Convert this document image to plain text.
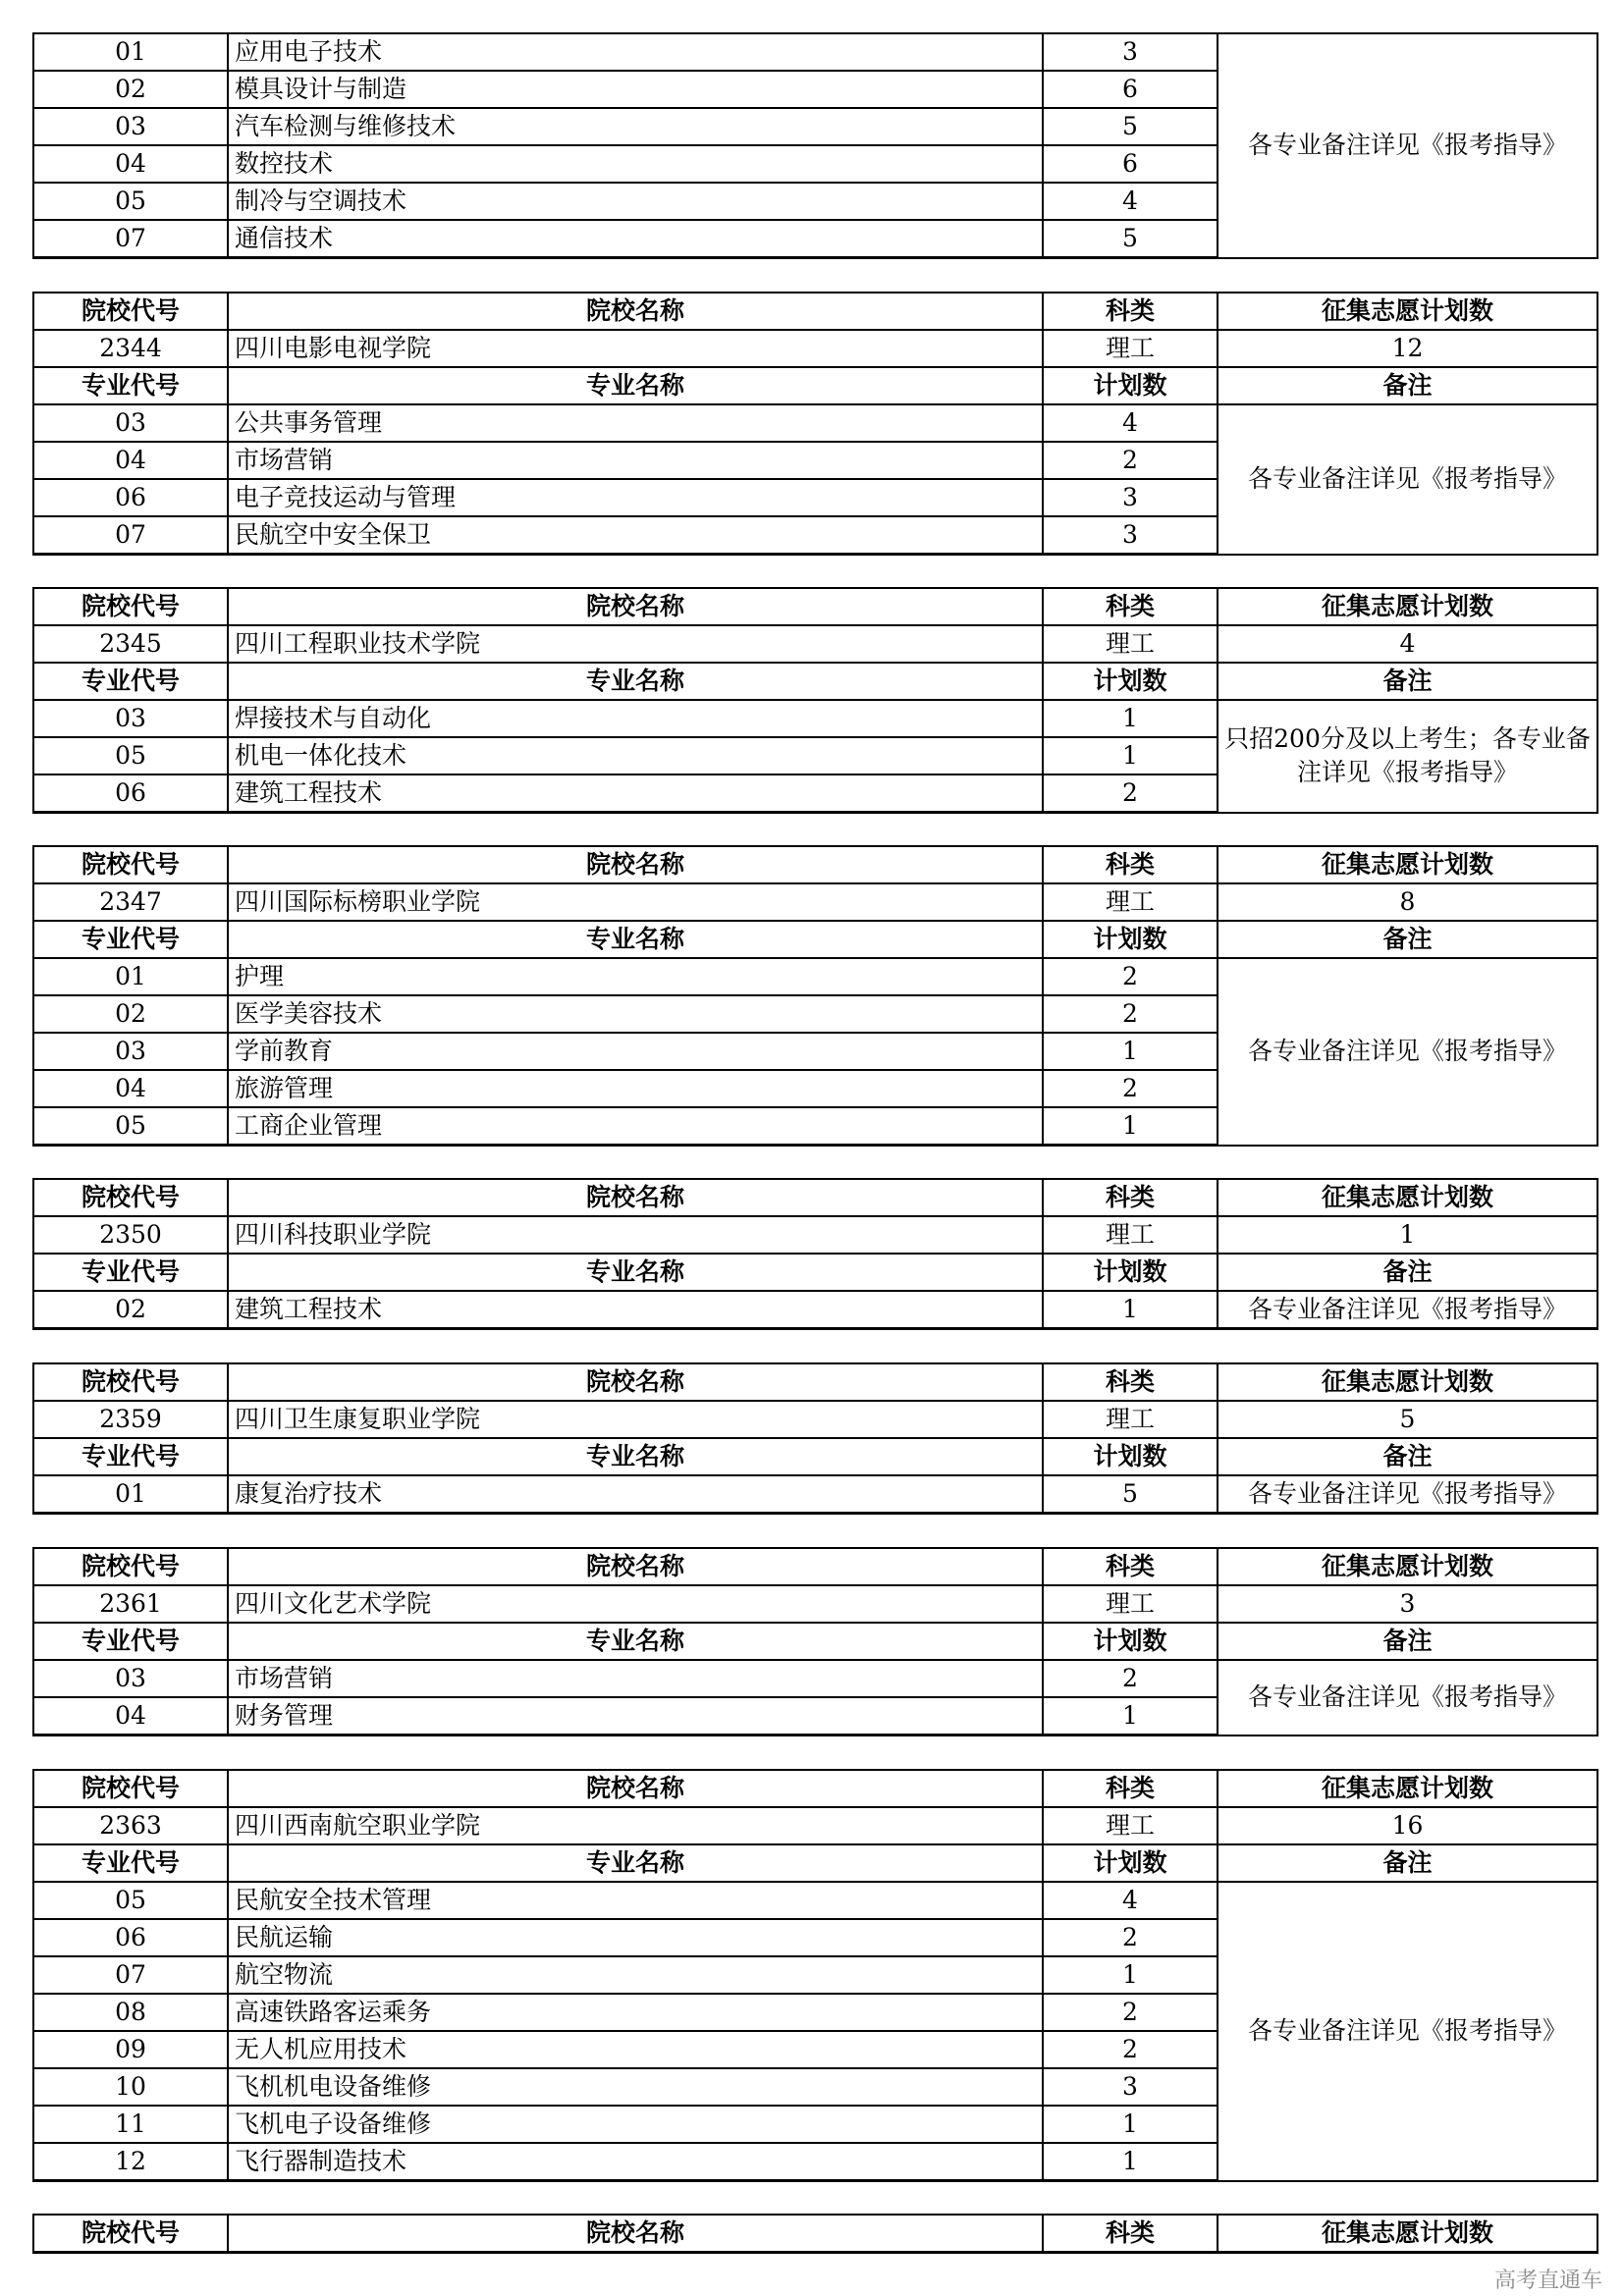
01	应用电子技术	3	各专业备注详见《报考指导》
02	模具设计与制造	6	
03	汽车检测与维修技术	5	
04	数控技术	6	
05	制冷与空调技术	4	
07	通信技术	5	
院校代号	院校名称	科类	征集志愿计划数
2344	四川电影电视学院	理工	12
专业代号	专业名称	计划数	备注
03	公共事务管理	4	各专业备注详见《报考指导》
04	市场营销	2	
06	电子竞技运动与管理	3	
07	民航空中安全保卫	3	
院校代号	院校名称	科类	征集志愿计划数
2345	四川工程职业技术学院	理工	4
专业代号	专业名称	计划数	备注
03	焊接技术与自动化	1	只招200分及以上考生；各专业备注详见《报考指导》
05	机电一体化技术	1	
06	建筑工程技术	2	
院校代号	院校名称	科类	征集志愿计划数
2347	四川国际标榜职业学院	理工	8
专业代号	专业名称	计划数	备注
01	护理	2	各专业备注详见《报考指导》
02	医学美容技术	2	
03	学前教育	1	
04	旅游管理	2	
05	工商企业管理	1	
院校代号	院校名称	科类	征集志愿计划数
2350	四川科技职业学院	理工	1
专业代号	专业名称	计划数	备注
02	建筑工程技术	1	各专业备注详见《报考指导》
院校代号	院校名称	科类	征集志愿计划数
2359	四川卫生康复职业学院	理工	5
专业代号	专业名称	计划数	备注
01	康复治疗技术	5	各专业备注详见《报考指导》
院校代号	院校名称	科类	征集志愿计划数
2361	四川文化艺术学院	理工	3
专业代号	专业名称	计划数	备注
03	市场营销	2	各专业备注详见《报考指导》
04	财务管理	1	
院校代号	院校名称	科类	征集志愿计划数
2363	四川西南航空职业学院	理工	16
专业代号	专业名称	计划数	备注
05	民航安全技术管理	4	各专业备注详见《报考指导》
06	民航运输	2	
07	航空物流	1	
08	高速铁路客运乘务	2	
09	无人机应用技术	2	
10	飞机机电设备维修	3	
11	飞机电子设备维修	1	
12	飞行器制造技术	1	
院校代号	院校名称	科类	征集志愿计划数
高考直通车
